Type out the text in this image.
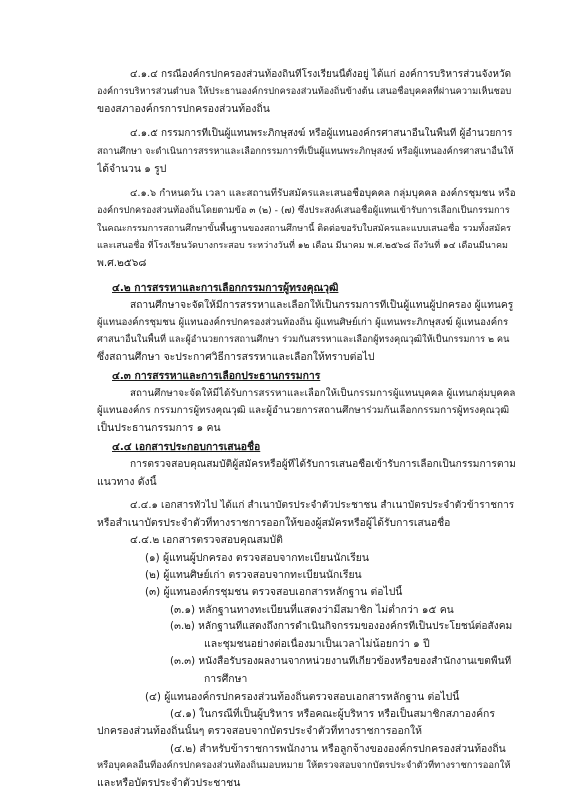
๔.๑.๔ กรณีองค์กรปกครองส่วนท้องถิ่นที่โรงเรียนนี้ตั้งอยู่ ได้แก่ องค์การบริหารส่วนจังหวัด
องค์การบริหารส่วนตำบล ให้ประธานองค์กรปกครองส่วนท้องถิ่นข้างต้น เสนอชื่อบุคคลที่ผ่านความเห็นชอบ
ของสภาองค์กรการปกครองส่วนท้องถิ่น
๔.๑.๕ กรรมการที่เป็นผู้แทนพระภิกษุสงฆ์ หรือผู้แทนองค์กรศาสนาอื่นในพื้นที่ ผู้อำนวยการ
สถานศึกษา จะดำเนินการสรรหาและเลือกกรรมการที่เป็นผู้แทนพระภิกษุสงฆ์ หรือผู้แทนองค์กรศาสนาอื่นให้
ได้จำนวน ๑ รูป
๔.๑.๖ กำหนดวัน เวลา และสถานที่รับสมัครและเสนอชื่อบุคคล กลุ่มบุคคล องค์กรชุมชน หรือ
องค์กรปกครองส่วนท้องถิ่นโดยตามข้อ ๓ (๒) - (๗) ซึ่งประสงค์เสนอชื่อผู้แทนเข้ารับการเลือกเป็นกรรมการ
ในคณะกรรมการสถานศึกษาขั้นพื้นฐานของสถานศึกษานี้ ติดต่อขอรับใบสมัครและแบบเสนอชื่อ รวมทั้งสมัคร
และเสนอชื่อ ที่โรงเรียนวัดบางกระสอบ ระหว่างวันที่ ๑๒ เดือน มีนาคม พ.ศ.๒๕๖๘ ถึงวันที่ ๑๔ เดือนมีนาคม
พ.ศ.๒๕๖๘
๔.๒ การสรรหาและการเลือกกรรมการผู้ทรงคุณวุฒิ
สถานศึกษาจะจัดให้มีการสรรหาและเลือกให้เป็นกรรมการที่เป็นผู้แทนผู้ปกครอง ผู้แทนครู
ผู้แทนองค์กรชุมชน ผู้แทนองค์กรปกครองส่วนท้องถิ่น ผู้แทนศิษย์เก่า ผู้แทนพระภิกษุสงฆ์ ผู้แทนองค์กร
ศาสนาอื่นในพื้นที่ และผู้อำนวยการสถานศึกษา ร่วมกันสรรหาและเลือกผู้ทรงคุณวุฒิให้เป็นกรรมการ ๒ คน
ซึ่งสถานศึกษา จะประกาศวิธีการสรรหาและเลือกให้ทราบต่อไป
๔.๓ การสรรหาและการเลือกประธานกรรมการ
สถานศึกษาจะจัดให้มีได้รับการสรรหาและเลือกให้เป็นกรรมการผู้แทนบุคคล ผู้แทนกลุ่มบุคคล
ผู้แทนองค์กร กรรมการผู้ทรงคุณวุฒิ และผู้อำนวยการสถานศึกษาร่วมกันเลือกกรรมการผู้ทรงคุณวุฒิ
เป็นประธานกรรมการ ๑ คน
๔.๔ เอกสารประกอบการเสนอชื่อ
การตรวจสอบคุณสมบัติผู้สมัครหรือผู้ที่ได้รับการเสนอชื่อเข้ารับการเลือกเป็นกรรมการตาม
แนวทาง ดังนี้
๔.๔.๑ เอกสารทั่วไป ได้แก่ สำเนาบัตรประจำตัวประชาชน สำเนาบัตรประจำตัวข้าราชการ
หรือสำเนาบัตรประจำตัวที่ทางราชการออกให้ของผู้สมัครหรือผู้ได้รับการเสนอชื่อ
๔.๔.๒ เอกสารตรวจสอบคุณสมบัติ
(๑) ผู้แทนผู้ปกครอง ตรวจสอบจากทะเบียนนักเรียน
(๒) ผู้แทนศิษย์เก่า ตรวจสอบจากทะเบียนนักเรียน
(๓) ผู้แทนองค์กรชุมชน ตรวจสอบเอกสารหลักฐาน ต่อไปนี้
(๓.๑) หลักฐานทางทะเบียนที่แสดงว่ามีสมาชิก ไม่ต่ำกว่า ๑๕ คน
(๓.๒) หลักฐานที่แสดงถึงการดำเนินกิจกรรมขององค์กรที่เป็นประโยชน์ต่อสังคม
และชุมชนอย่างต่อเนื่องมาเป็นเวลาไม่น้อยกว่า ๑ ปี
(๓.๓) หนังสือรับรองผลงานจากหน่วยงานที่เกี่ยวข้องหรือของสำนักงานเขตพื้นที่
การศึกษา
(๔) ผู้แทนองค์กรปกครองส่วนท้องถิ่นตรวจสอบเอกสารหลักฐาน ต่อไปนี้
(๔.๑) ในกรณีที่เป็นผู้บริหาร หรือคณะผู้บริหาร หรือเป็นสมาชิกสภาองค์กร
ปกครองส่วนท้องถิ่นนั้นๆ ตรวจสอบจากบัตรประจำตัวที่ทางราชการออกให้
(๔.๒) สำหรับข้าราชการพนักงาน หรือลูกจ้างขององค์กรปกครองส่วนท้องถิ่น
หรือบุคคลอื่นที่องค์กรปกครองส่วนท้องถิ่นมอบหมาย ให้ตรวจสอบจากบัตรประจำตัวที่ทางราชการออกให้
และหรือบัตรประจำตัวประชาชน
